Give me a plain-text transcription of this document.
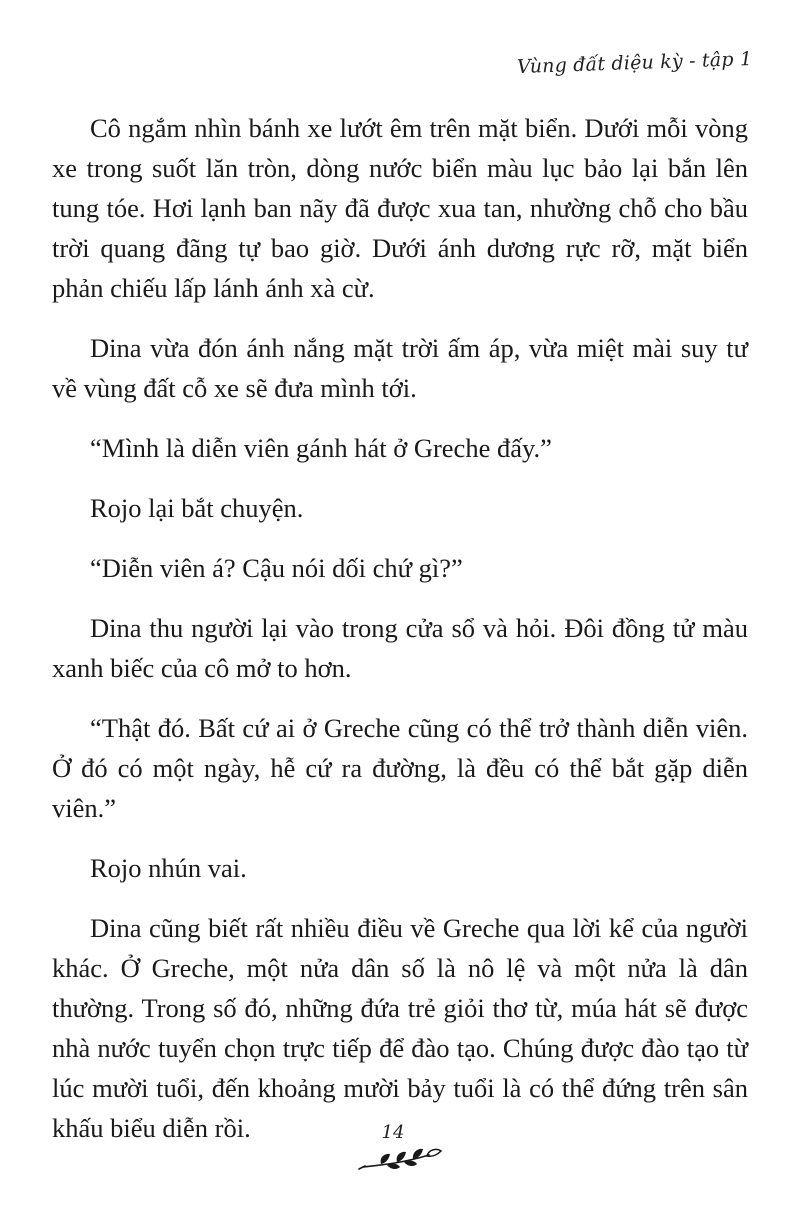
Vùng đất diệu kỳ - tập 1

Cô ngắm nhìn bánh xe lướt êm trên mặt biển. Dưới mỗi vòng xe trong suốt lăn tròn, dòng nước biển màu lục bảo lại bắn lên tung tóe. Hơi lạnh ban nãy đã được xua tan, nhường chỗ cho bầu trời quang đãng tự bao giờ. Dưới ánh dương rực rỡ, mặt biển phản chiếu lấp lánh ánh xà cừ.

Dina vừa đón ánh nắng mặt trời ấm áp, vừa miệt mài suy tư về vùng đất cỗ xe sẽ đưa mình tới.

“Mình là diễn viên gánh hát ở Greche đấy.”

Rojo lại bắt chuyện.

“Diễn viên á? Cậu nói dối chứ gì?”

Dina thu người lại vào trong cửa sổ và hỏi. Đôi đồng tử màu xanh biếc của cô mở to hơn.

“Thật đó. Bất cứ ai ở Greche cũng có thể trở thành diễn viên. Ở đó có một ngày, hễ cứ ra đường, là đều có thể bắt gặp diễn viên.”

Rojo nhún vai.

Dina cũng biết rất nhiều điều về Greche qua lời kể của người khác. Ở Greche, một nửa dân số là nô lệ và một nửa là dân thường. Trong số đó, những đứa trẻ giỏi thơ từ, múa hát sẽ được nhà nước tuyển chọn trực tiếp để đào tạo. Chúng được đào tạo từ lúc mười tuổi, đến khoảng mười bảy tuổi là có thể đứng trên sân khấu biểu diễn rồi.	14
